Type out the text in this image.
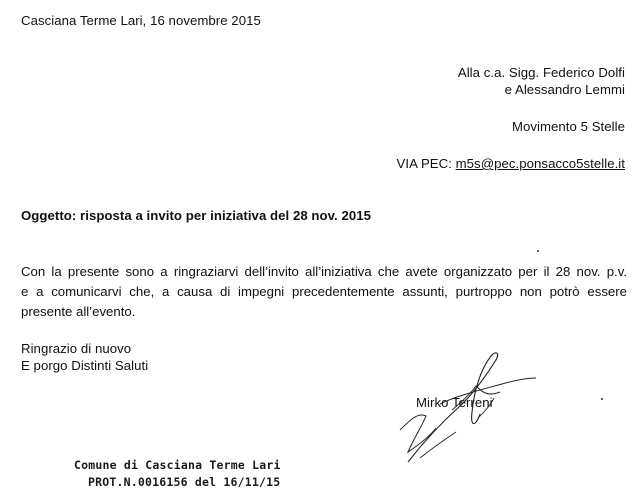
Casciana Terme Lari, 16 novembre 2015
Alla c.a. Sigg. Federico Dolfi
e Alessandro Lemmi
Movimento 5 Stelle
VIA PEC: m5s@pec.ponsacco5stelle.it
Oggetto: risposta a invito per iniziativa del 28 nov. 2015
Con la presente sono a ringraziarvi dell’invito all’iniziativa che avete organizzato per il 28 nov. p.v.
e a comunicarvi che, a causa di impegni precedentemente assunti, purtroppo non potrò essere
presente all’evento.
Ringrazio di nuovo
E porgo Distinti Saluti
Mirko Terreni
Comune di Casciana Terme Lari
PROT.N.0016156 del 16/11/15
